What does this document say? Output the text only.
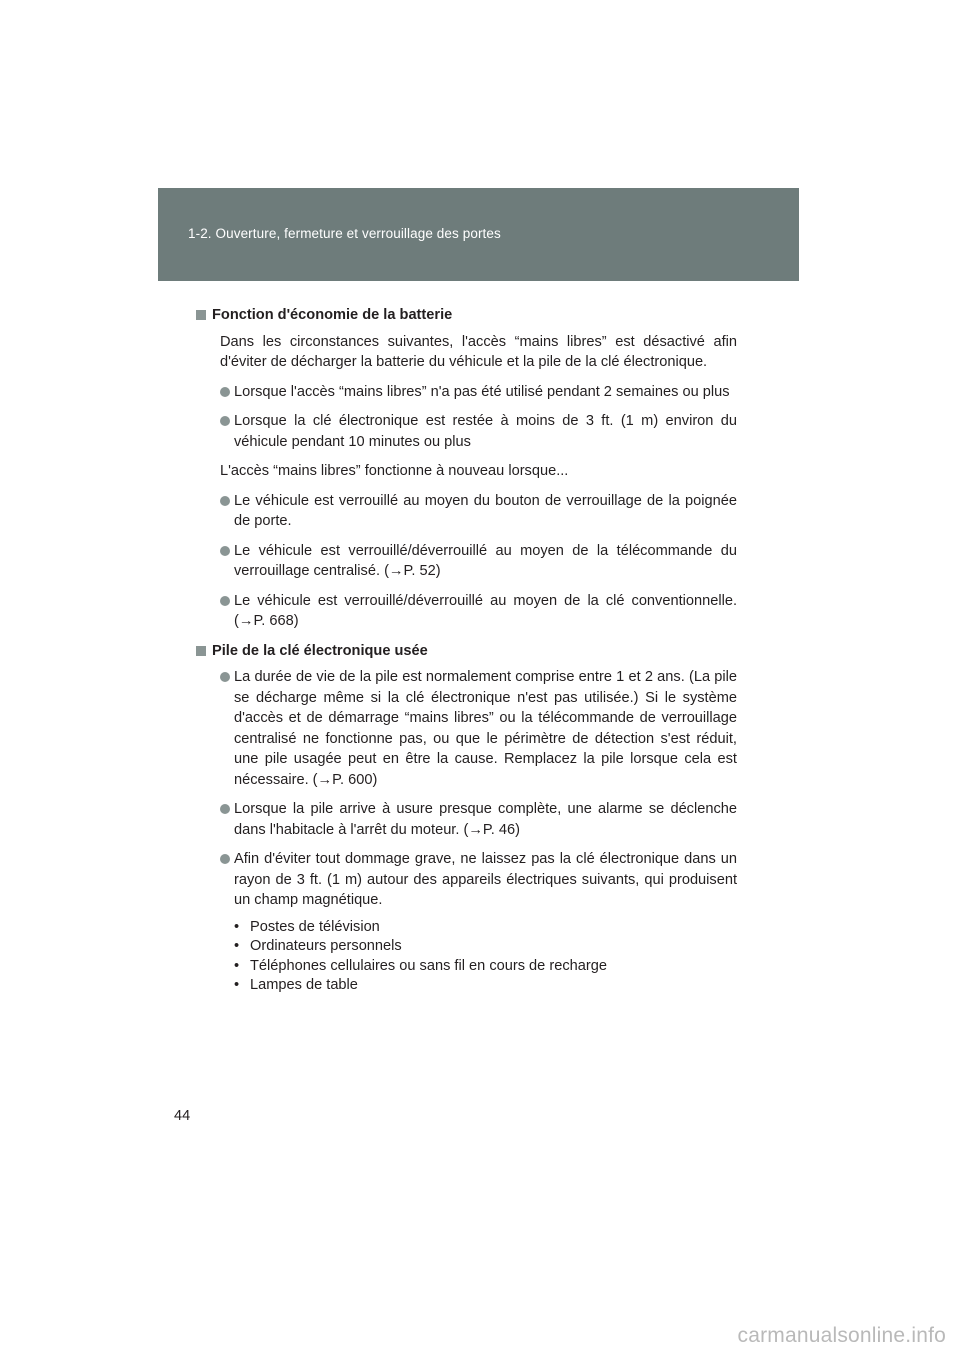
1-2. Ouverture, fermeture et verrouillage des portes
Fonction d'économie de la batterie

Dans les circonstances suivantes, l'accès “mains libres” est désactivé afin d'éviter de décharger la batterie du véhicule et la pile de la clé électronique.

Lorsque l'accès “mains libres” n'a pas été utilisé pendant 2 semaines ou plus
Lorsque la clé électronique est restée à moins de 3 ft. (1 m) environ du véhicule pendant 10 minutes ou plus

L'accès “mains libres” fonctionne à nouveau lorsque...

Le véhicule est verrouillé au moyen du bouton de verrouillage de la poignée de porte.
Le véhicule est verrouillé/déverrouillé au moyen de la télécommande du verrouillage centralisé. (→P. 52)
Le véhicule est verrouillé/déverrouillé au moyen de la clé conventionnelle. (→P. 668)
Pile de la clé électronique usée
La durée de vie de la pile est normalement comprise entre 1 et 2 ans. (La pile se décharge même si la clé électronique n'est pas utilisée.) Si le système d'accès et de démarrage “mains libres” ou la télécommande de verrouillage centralisé ne fonctionne pas, ou que le périmètre de détection s'est réduit, une pile usagée peut en être la cause. Remplacez la pile lorsque cela est nécessaire. (→P. 600)
Lorsque la pile arrive à usure presque complète, une alarme se déclenche dans l'habitacle à l'arrêt du moteur. (→P. 46)
Afin d'éviter tout dommage grave, ne laissez pas la clé électronique dans un rayon de 3 ft. (1 m) autour des appareils électriques suivants, qui produisent un champ magnétique.
• Postes de télévision
• Ordinateurs personnels
• Téléphones cellulaires ou sans fil en cours de recharge
• Lampes de table
44
carmanualsonline.info
